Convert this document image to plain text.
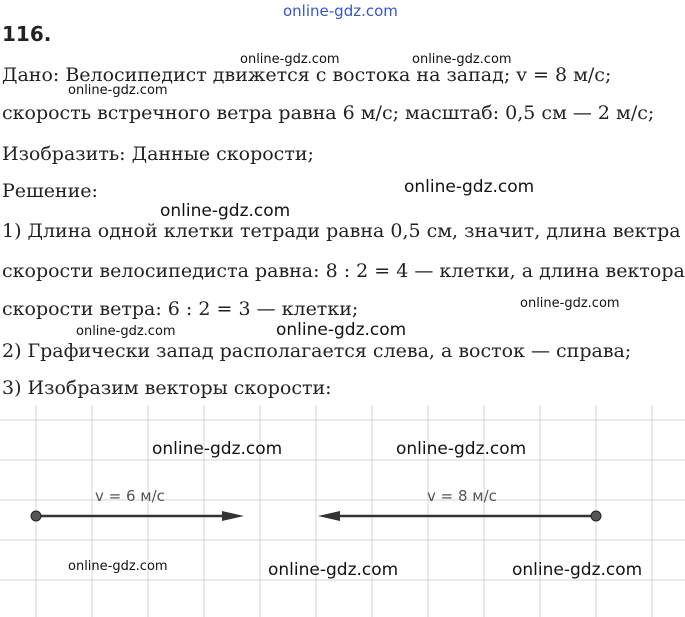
online-gdz.com

116.

Дано: Велосипедист движется с востока на запад; v = 8 м/с;

скорость встречного ветра равна 6 м/с; масштаб: 0,5 см — 2 м/с;

Изобразить: Данные скорости;

Решение:

1) Длина одной клетки тетради равна 0,5 см, значит, длина вектра

скорости велосипедиста равна: 8 : 2 = 4 — клетки, а длина вектора

скорости ветра: 6 : 2 = 3 — клетки;

2) Графически запад располагается слева, а восток — справа;

3) Изобразим векторы скорости:

v = 6 м/с	v = 8 м/с
online-gdz.com	online-gdz.com
online-gdz.com
online-gdz.com
online-gdz.com
online-gdz.com
online-gdz.com	online-gdz.com
online-gdz.com	online-gdz.com
online-gdz.com	online-gdz.com	online-gdz.com
